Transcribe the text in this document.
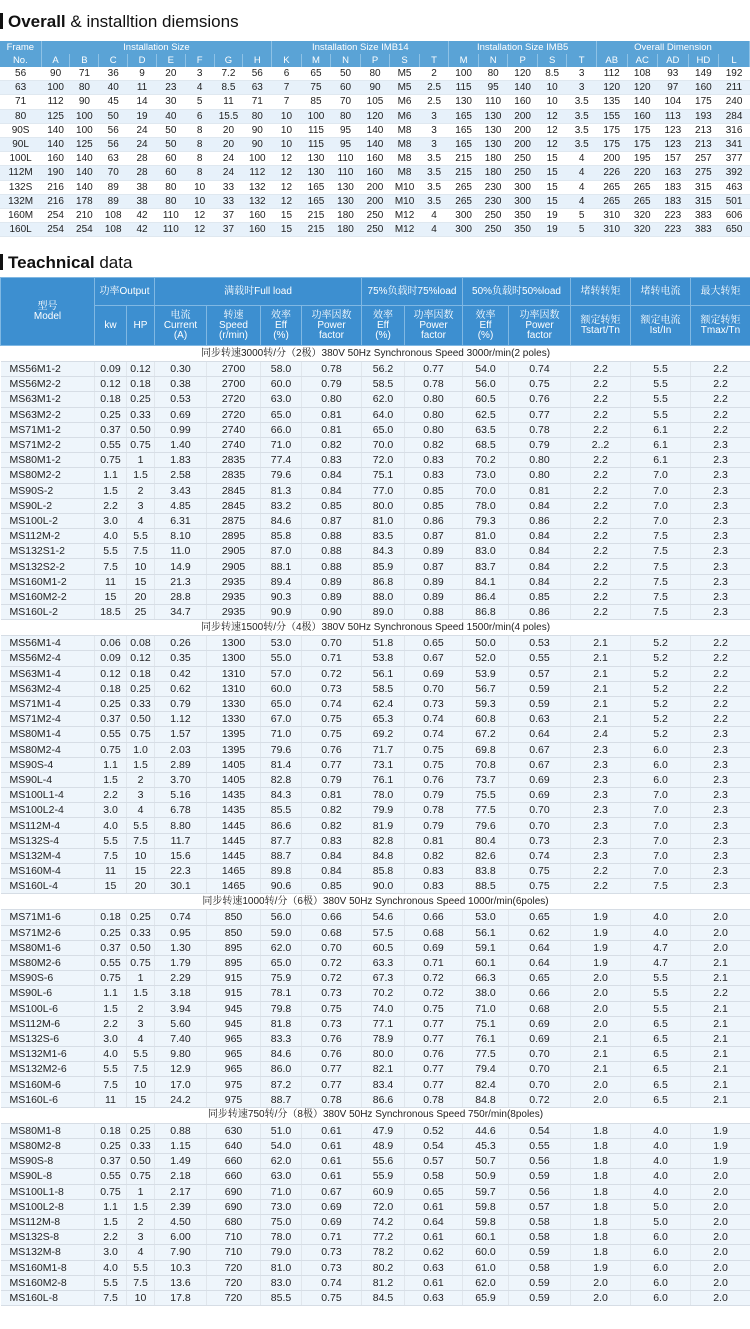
Overall & installtion diemsions
Frame	Installation Size								Installation Size IMB14						Installation Size IMB5					Overall Dimension				
No.	A	B	C	D	E	F	G	H	K	M	N	P	S	T	M	N	P	S	T	AB	AC	AD	HD	L
56	90	71	36	9	20	3	7.2	56	6	65	50	80	M5	2	100	80	120	8.5	3	112	108	93	149	192
63	100	80	40	11	23	4	8.5	63	7	75	60	90	M5	2.5	115	95	140	10	3	120	120	97	160	211
71	112	90	45	14	30	5	11	71	7	85	70	105	M6	2.5	130	110	160	10	3.5	135	140	104	175	240
80	125	100	50	19	40	6	15.5	80	10	100	80	120	M6	3	165	130	200	12	3.5	155	160	113	193	284
90S	140	100	56	24	50	8	20	90	10	115	95	140	M8	3	165	130	200	12	3.5	175	175	123	213	316
90L	140	125	56	24	50	8	20	90	10	115	95	140	M8	3	165	130	200	12	3.5	175	175	123	213	341
100L	160	140	63	28	60	8	24	100	12	130	110	160	M8	3.5	215	180	250	15	4	200	195	157	257	377
112M	190	140	70	28	60	8	24	112	12	130	110	160	M8	3.5	215	180	250	15	4	226	220	163	275	392
132S	216	140	89	38	80	10	33	132	12	165	130	200	M10	3.5	265	230	300	15	4	265	265	183	315	463
132M	216	178	89	38	80	10	33	132	12	165	130	200	M10	3.5	265	230	300	15	4	265	265	183	315	501
160M	254	210	108	42	110	12	37	160	15	215	180	250	M12	4	300	250	350	19	5	310	320	223	383	606
160L	254	254	108	42	110	12	37	160	15	215	180	250	M12	4	300	250	350	19	5	310	320	223	383	650
Teachnical data
型号
Model	功率Output		满载时Full load				75%负载时75%load		50%负载时50%load		堵转转矩	堵转电流	最大转矩
	kw	HP	电流
Current
(A)	转速
Speed
(r/min)	效率
Eff
(%)	功率因数
Power
factor	效率
Eff
(%)	功率因数
Power
factor	效率
Eff
(%)	功率因数
Power
factor	额定转矩
Tstart/Tn	额定电流
Ist/In	额定转矩
Tmax/Tn
同步转速3000转/分（2极）380V 50Hz Synchronous Speed 3000r/min(2 poles)													
MS56M1-2	0.09	0.12	0.30	2700	58.0	0.78	56.2	0.77	54.0	0.74	2.2	5.5	2.2
MS56M2-2	0.12	0.18	0.38	2700	60.0	0.79	58.5	0.78	56.0	0.75	2.2	5.5	2.2
MS63M1-2	0.18	0.25	0.53	2720	63.0	0.80	62.0	0.80	60.5	0.76	2.2	5.5	2.2
MS63M2-2	0.25	0.33	0.69	2720	65.0	0.81	64.0	0.80	62.5	0.77	2.2	5.5	2.2
MS71M1-2	0.37	0.50	0.99	2740	66.0	0.81	65.0	0.80	63.5	0.78	2.2	6.1	2.2
MS71M2-2	0.55	0.75	1.40	2740	71.0	0.82	70.0	0.82	68.5	0.79	2..2	6.1	2.3
MS80M1-2	0.75	1	1.83	2835	77.4	0.83	72.0	0.83	70.2	0.80	2.2	6.1	2.3
MS80M2-2	1.1	1.5	2.58	2835	79.6	0.84	75.1	0.83	73.0	0.80	2.2	7.0	2.3
MS90S-2	1.5	2	3.43	2845	81.3	0.84	77.0	0.85	70.0	0.81	2.2	7.0	2.3
MS90L-2	2.2	3	4.85	2845	83.2	0.85	80.0	0.85	78.0	0.84	2.2	7.0	2.3
MS100L-2	3.0	4	6.31	2875	84.6	0.87	81.0	0.86	79.3	0.86	2.2	7.0	2.3
MS112M-2	4.0	5.5	8.10	2895	85.8	0.88	83.5	0.87	81.0	0.84	2.2	7.5	2.3
MS132S1-2	5.5	7.5	11.0	2905	87.0	0.88	84.3	0.89	83.0	0.84	2.2	7.5	2.3
MS132S2-2	7.5	10	14.9	2905	88.1	0.88	85.9	0.87	83.7	0.84	2.2	7.5	2.3
MS160M1-2	11	15	21.3	2935	89.4	0.89	86.8	0.89	84.1	0.84	2.2	7.5	2.3
MS160M2-2	15	20	28.8	2935	90.3	0.89	88.0	0.89	86.4	0.85	2.2	7.5	2.3
MS160L-2	18.5	25	34.7	2935	90.9	0.90	89.0	0.88	86.8	0.86	2.2	7.5	2.3
同步转速1500转/分（4极）380V 50Hz Synchronous Speed 1500r/min(4 poles)													
MS56M1-4	0.06	0.08	0.26	1300	53.0	0.70	51.8	0.65	50.0	0.53	2.1	5.2	2.2
MS56M2-4	0.09	0.12	0.35	1300	55.0	0.71	53.8	0.67	52.0	0.55	2.1	5.2	2.2
MS63M1-4	0.12	0.18	0.42	1310	57.0	0.72	56.1	0.69	53.9	0.57	2.1	5.2	2.2
MS63M2-4	0.18	0.25	0.62	1310	60.0	0.73	58.5	0.70	56.7	0.59	2.1	5.2	2.2
MS71M1-4	0.25	0.33	0.79	1330	65.0	0.74	62.4	0.73	59.3	0.59	2.1	5.2	2.2
MS71M2-4	0.37	0.50	1.12	1330	67.0	0.75	65.3	0.74	60.8	0.63	2.1	5.2	2.2
MS80M1-4	0.55	0.75	1.57	1395	71.0	0.75	69.2	0.74	67.2	0.64	2.4	5.2	2.3
MS80M2-4	0.75	1.0	2.03	1395	79.6	0.76	71.7	0.75	69.8	0.67	2.3	6.0	2.3
MS90S-4	1.1	1.5	2.89	1405	81.4	0.77	73.1	0.75	70.8	0.67	2.3	6.0	2.3
MS90L-4	1.5	2	3.70	1405	82.8	0.79	76.1	0.76	73.7	0.69	2.3	6.0	2.3
MS100L1-4	2.2	3	5.16	1435	84.3	0.81	78.0	0.79	75.5	0.69	2.3	7.0	2.3
MS100L2-4	3.0	4	6.78	1435	85.5	0.82	79.9	0.78	77.5	0.70	2.3	7.0	2.3
MS112M-4	4.0	5.5	8.80	1445	86.6	0.82	81.9	0.79	79.6	0.70	2.3	7.0	2.3
MS132S-4	5.5	7.5	11.7	1445	87.7	0.83	82.8	0.81	80.4	0.73	2.3	7.0	2.3
MS132M-4	7.5	10	15.6	1445	88.7	0.84	84.8	0.82	82.6	0.74	2.3	7.0	2.3
MS160M-4	11	15	22.3	1465	89.8	0.84	85.8	0.83	83.8	0.75	2.2	7.0	2.3
MS160L-4	15	20	30.1	1465	90.6	0.85	90.0	0.83	88.5	0.75	2.2	7.5	2.3
同步转速1000转/分（6极）380V 50Hz Synchronous Speed 1000r/min(6poles)													
MS71M1-6	0.18	0.25	0.74	850	56.0	0.66	54.6	0.66	53.0	0.65	1.9	4.0	2.0
MS71M2-6	0.25	0.33	0.95	850	59.0	0.68	57.5	0.68	56.1	0.62	1.9	4.0	2.0
MS80M1-6	0.37	0.50	1.30	895	62.0	0.70	60.5	0.69	59.1	0.64	1.9	4.7	2.0
MS80M2-6	0.55	0.75	1.79	895	65.0	0.72	63.3	0.71	60.1	0.64	1.9	4.7	2.1
MS90S-6	0.75	1	2.29	915	75.9	0.72	67.3	0.72	66.3	0.65	2.0	5.5	2.1
MS90L-6	1.1	1.5	3.18	915	78.1	0.73	70.2	0.72	38.0	0.66	2.0	5.5	2.2
MS100L-6	1.5	2	3.94	945	79.8	0.75	74.0	0.75	71.0	0.68	2.0	5.5	2.1
MS112M-6	2.2	3	5.60	945	81.8	0.73	77.1	0.77	75.1	0.69	2.0	6.5	2.1
MS132S-6	3.0	4	7.40	965	83.3	0.76	78.9	0.77	76.1	0.69	2.1	6.5	2.1
MS132M1-6	4.0	5.5	9.80	965	84.6	0.76	80.0	0.76	77.5	0.70	2.1	6.5	2.1
MS132M2-6	5.5	7.5	12.9	965	86.0	0.77	82.1	0.77	79.4	0.70	2.1	6.5	2.1
MS160M-6	7.5	10	17.0	975	87.2	0.77	83.4	0.77	82.4	0.70	2.0	6.5	2.1
MS160L-6	11	15	24.2	975	88.7	0.78	86.6	0.78	84.8	0.72	2.0	6.5	2.1
同步转速750转/分（8极）380V 50Hz Synchronous Speed 750r/min(8poles)													
MS80M1-8	0.18	0.25	0.88	630	51.0	0.61	47.9	0.52	44.6	0.54	1.8	4.0	1.9
MS80M2-8	0.25	0.33	1.15	640	54.0	0.61	48.9	0.54	45.3	0.55	1.8	4.0	1.9
MS90S-8	0.37	0.50	1.49	660	62.0	0.61	55.6	0.57	50.7	0.56	1.8	4.0	1.9
MS90L-8	0.55	0.75	2.18	660	63.0	0.61	55.9	0.58	50.9	0.59	1.8	4.0	2.0
MS100L1-8	0.75	1	2.17	690	71.0	0.67	60.9	0.65	59.7	0.56	1.8	4.0	2.0
MS100L2-8	1.1	1.5	2.39	690	73.0	0.69	72.0	0.61	59.8	0.57	1.8	5.0	2.0
MS112M-8	1.5	2	4.50	680	75.0	0.69	74.2	0.64	59.8	0.58	1.8	5.0	2.0
MS132S-8	2.2	3	6.00	710	78.0	0.71	77.2	0.61	60.1	0.58	1.8	6.0	2.0
MS132M-8	3.0	4	7.90	710	79.0	0.73	78.2	0.62	60.0	0.59	1.8	6.0	2.0
MS160M1-8	4.0	5.5	10.3	720	81.0	0.73	80.2	0.63	61.0	0.58	1.9	6.0	2.0
MS160M2-8	5.5	7.5	13.6	720	83.0	0.74	81.2	0.61	62.0	0.59	2.0	6.0	2.0
MS160L-8	7.5	10	17.8	720	85.5	0.75	84.5	0.63	65.9	0.59	2.0	6.0	2.0
